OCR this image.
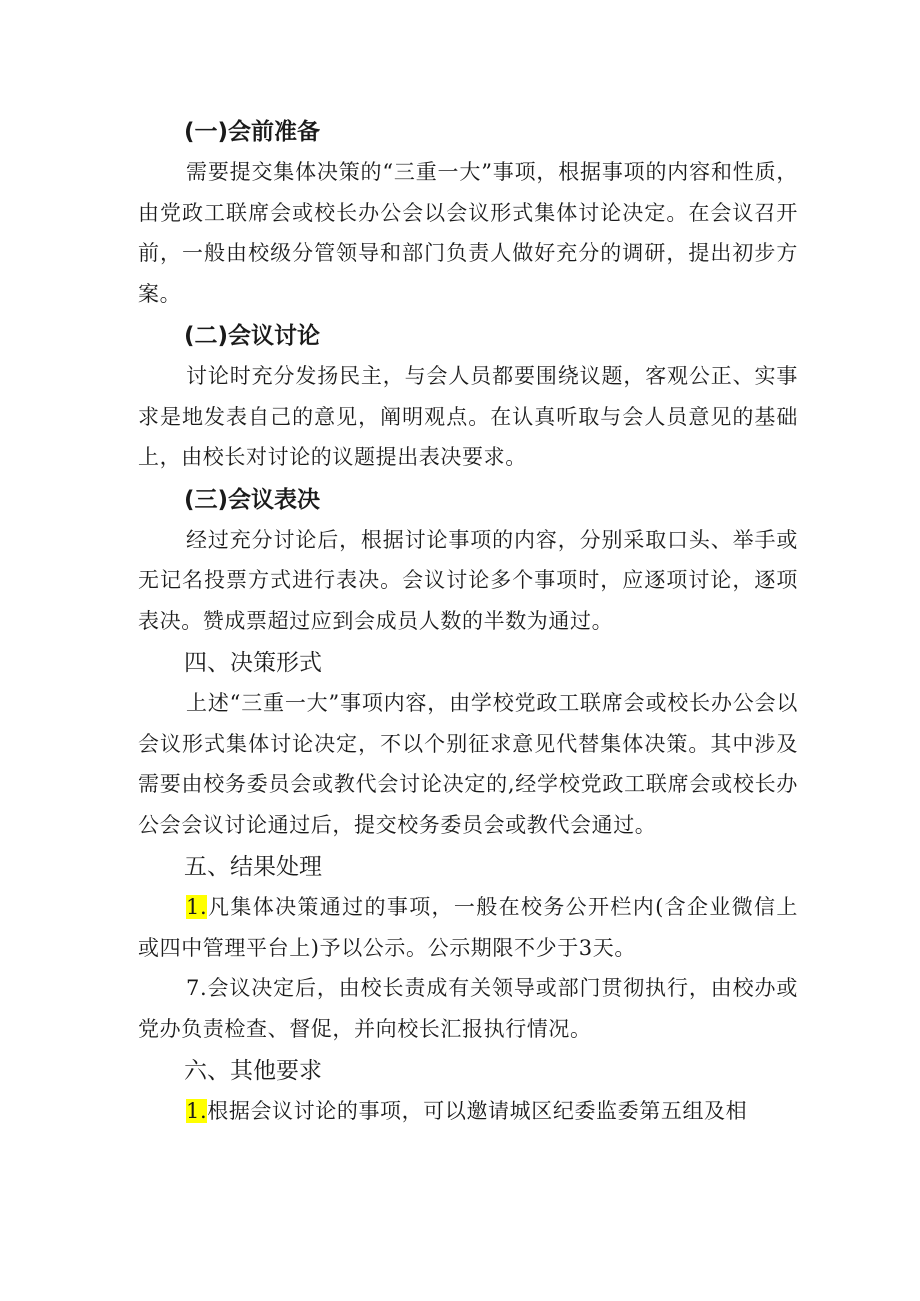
(一)会前准备

需要提交集体决策的“三重一大”事项，根据事项的内容和性质，由党政工联席会或校长办公会以会议形式集体讨论决定。在会议召开前，一般由校级分管领导和部门负责人做好充分的调研，提出初步方案。

(二)会议讨论

讨论时充分发扬民主，与会人员都要围绕议题，客观公正、实事求是地发表自己的意见，阐明观点。在认真听取与会人员意见的基础上，由校长对讨论的议题提出表决要求。

(三)会议表决

经过充分讨论后，根据讨论事项的内容，分别采取口头、举手或无记名投票方式进行表决。会议讨论多个事项时，应逐项讨论，逐项表决。赞成票超过应到会成员人数的半数为通过。

四、决策形式

上述“三重一大”事项内容，由学校党政工联席会或校长办公会以会议形式集体讨论决定，不以个别征求意见代替集体决策。其中涉及需要由校务委员会或教代会讨论决定的,经学校党政工联席会或校长办公会会议讨论通过后，提交校务委员会或教代会通过。

五、结果处理

1.凡集体决策通过的事项，一般在校务公开栏内(含企业微信上或四中管理平台上)予以公示。公示期限不少于3天。

7.会议决定后，由校长责成有关领导或部门贯彻执行，由校办或党办负责检查、督促，并向校长汇报执行情况。

六、其他要求

1.根据会议讨论的事项，可以邀请城区纪委监委第五组及相
